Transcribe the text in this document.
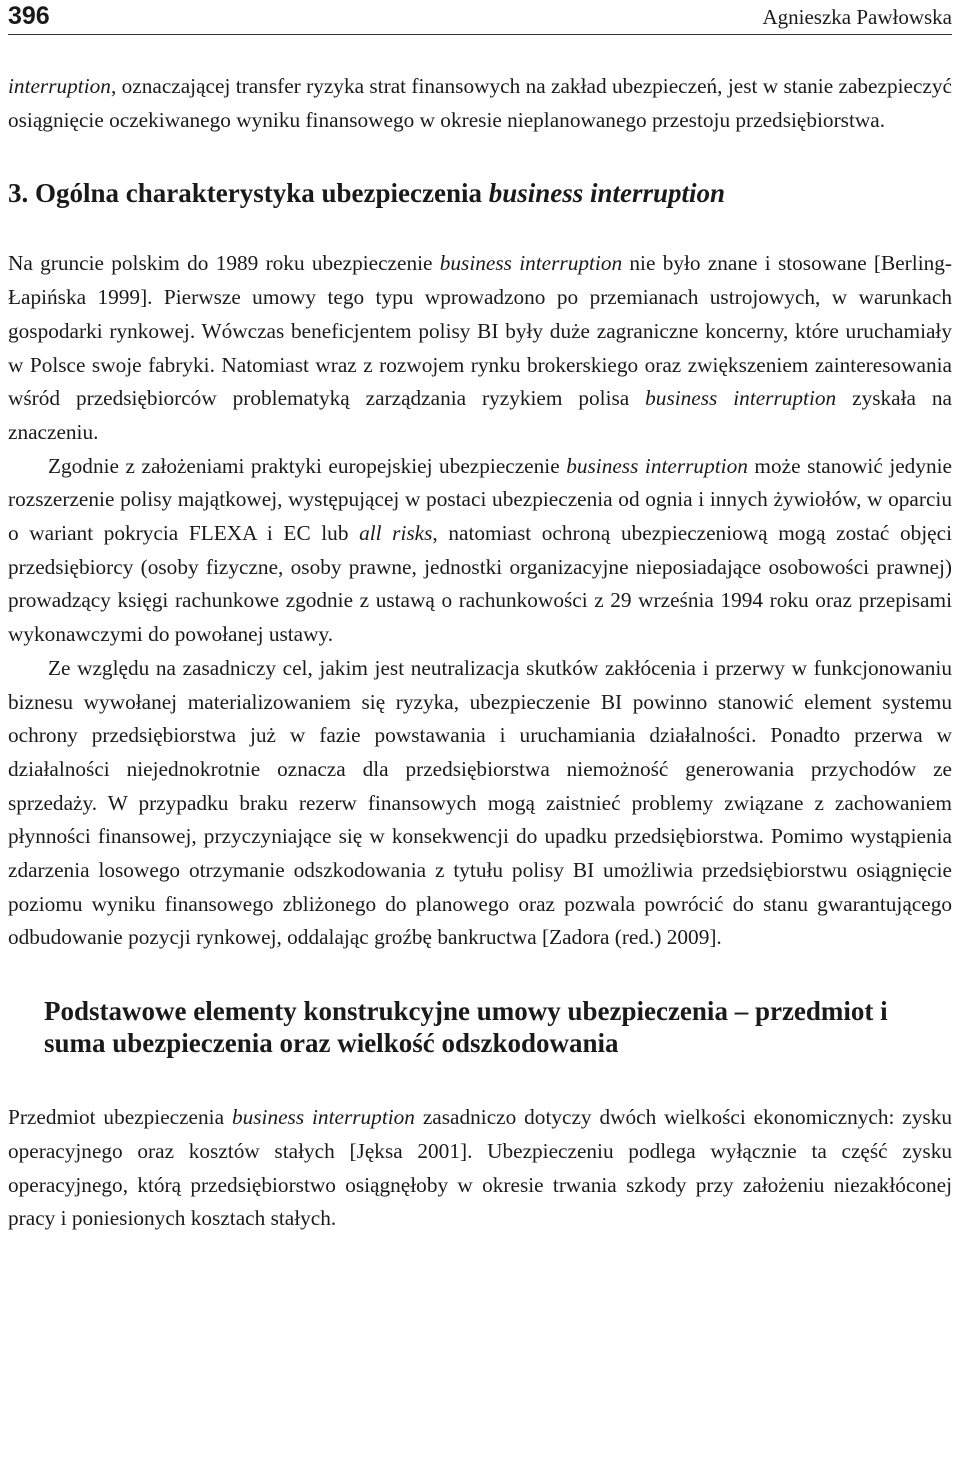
396	Agnieszka Pawłowska

interruption, oznaczającej transfer ryzyka strat finansowych na zakład ubezpieczeń, jest w stanie zabezpieczyć osiągnięcie oczekiwanego wyniku finansowego w okresie nieplanowanego przestoju przedsiębiorstwa.

3. Ogólna charakterystyka ubezpieczenia business interruption

Na gruncie polskim do 1989 roku ubezpieczenie business interruption nie było znane i stosowane [Berling-Łapińska 1999]. Pierwsze umowy tego typu wprowadzono po przemianach ustrojowych, w warunkach gospodarki rynkowej. Wówczas beneficjentem polisy BI były duże zagraniczne koncerny, które uruchamiały w Polsce swoje fabryki. Natomiast wraz z rozwojem rynku brokerskiego oraz zwiększeniem zainteresowania wśród przedsiębiorców problematyką zarządzania ryzykiem polisa business interruption zyskała na znaczeniu.

Zgodnie z założeniami praktyki europejskiej ubezpieczenie business interruption może stanowić jedynie rozszerzenie polisy majątkowej, występującej w postaci ubezpieczenia od ognia i innych żywiołów, w oparciu o wariant pokrycia FLEXA i EC lub all risks, natomiast ochroną ubezpieczeniową mogą zostać objęci przedsiębiorcy (osoby fizyczne, osoby prawne, jednostki organizacyjne nieposiadające osobowości prawnej) prowadzący księgi rachunkowe zgodnie z ustawą o rachunkowości z 29 września 1994 roku oraz przepisami wykonawczymi do powołanej ustawy.

Ze względu na zasadniczy cel, jakim jest neutralizacja skutków zakłócenia i przerwy w funkcjonowaniu biznesu wywołanej materializowaniem się ryzyka, ubezpieczenie BI powinno stanowić element systemu ochrony przedsiębiorstwa już w fazie powstawania i uruchamiania działalności. Ponadto przerwa w działalności niejednokrotnie oznacza dla przedsiębiorstwa niemożność generowania przychodów ze sprzedaży. W przypadku braku rezerw finansowych mogą zaistnieć problemy związane z zachowaniem płynności finansowej, przyczyniające się w konsekwencji do upadku przedsiębiorstwa. Pomimo wystąpienia zdarzenia losowego otrzymanie odszkodowania z tytułu polisy BI umożliwia przedsiębiorstwu osiągnięcie poziomu wyniku finansowego zbliżonego do planowego oraz pozwala powrócić do stanu gwarantującego odbudowanie pozycji rynkowej, oddalając groźbę bankructwa [Zadora (red.) 2009].

Podstawowe elementy konstrukcyjne umowy ubezpieczenia – przedmiot i suma ubezpieczenia oraz wielkość odszkodowania

Przedmiot ubezpieczenia business interruption zasadniczo dotyczy dwóch wielkości ekonomicznych: zysku operacyjnego oraz kosztów stałych [Jęksa 2001]. Ubezpieczeniu podlega wyłącznie ta część zysku operacyjnego, którą przedsiębiorstwo osiągnęłoby w okresie trwania szkody przy założeniu niezakłóconej pracy i poniesionych kosztach stałych.
